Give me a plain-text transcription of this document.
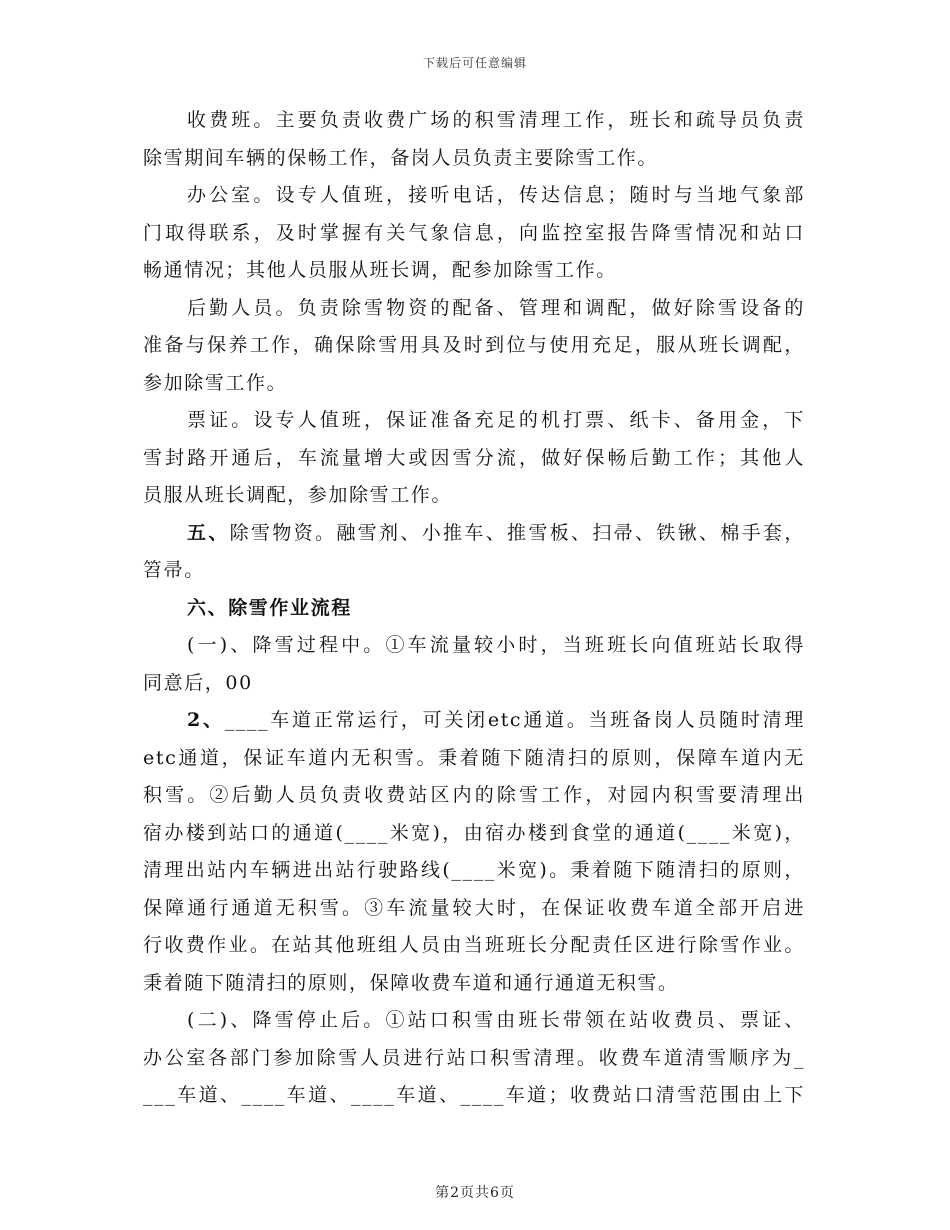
下载后可任意编辑
收费班。主要负责收费广场的积雪清理工作，班长和疏导员负责
除雪期间车辆的保畅工作，备岗人员负责主要除雪工作。
办公室。设专人值班，接听电话，传达信息；随时与当地气象部
门取得联系，及时掌握有关气象信息，向监控室报告降雪情况和站口
畅通情况；其他人员服从班长调，配参加除雪工作。
后勤人员。负责除雪物资的配备、管理和调配，做好除雪设备的
准备与保养工作，确保除雪用具及时到位与使用充足，服从班长调配，
参加除雪工作。
票证。设专人值班，保证准备充足的机打票、纸卡、备用金，下
雪封路开通后，车流量增大或因雪分流，做好保畅后勤工作；其他人
员服从班长调配，参加除雪工作。
五、除雪物资。融雪剂、小推车、推雪板、扫帚、铁锹、棉手套，
笤帚。
六、除雪作业流程
(一)、降雪过程中。①车流量较小时，当班班长向值班站长取得
同意后，00
2、____车道正常运行，可关闭etc通道。当班备岗人员随时清理
etc通道，保证车道内无积雪。秉着随下随清扫的原则，保障车道内无
积雪。②后勤人员负责收费站区内的除雪工作，对园内积雪要清理出
宿办楼到站口的通道(____米宽)，由宿办楼到食堂的通道(____米宽)，
清理出站内车辆进出站行驶路线(____米宽)。秉着随下随清扫的原则，
保障通行通道无积雪。③车流量较大时，在保证收费车道全部开启进
行收费作业。在站其他班组人员由当班班长分配责任区进行除雪作业。
秉着随下随清扫的原则，保障收费车道和通行通道无积雪。
(二)、降雪停止后。①站口积雪由班长带领在站收费员、票证、
办公室各部门参加除雪人员进行站口积雪清理。收费车道清雪顺序为_
___车道、____车道、____车道、____车道；收费站口清雪范围由上下
第2页共6页
